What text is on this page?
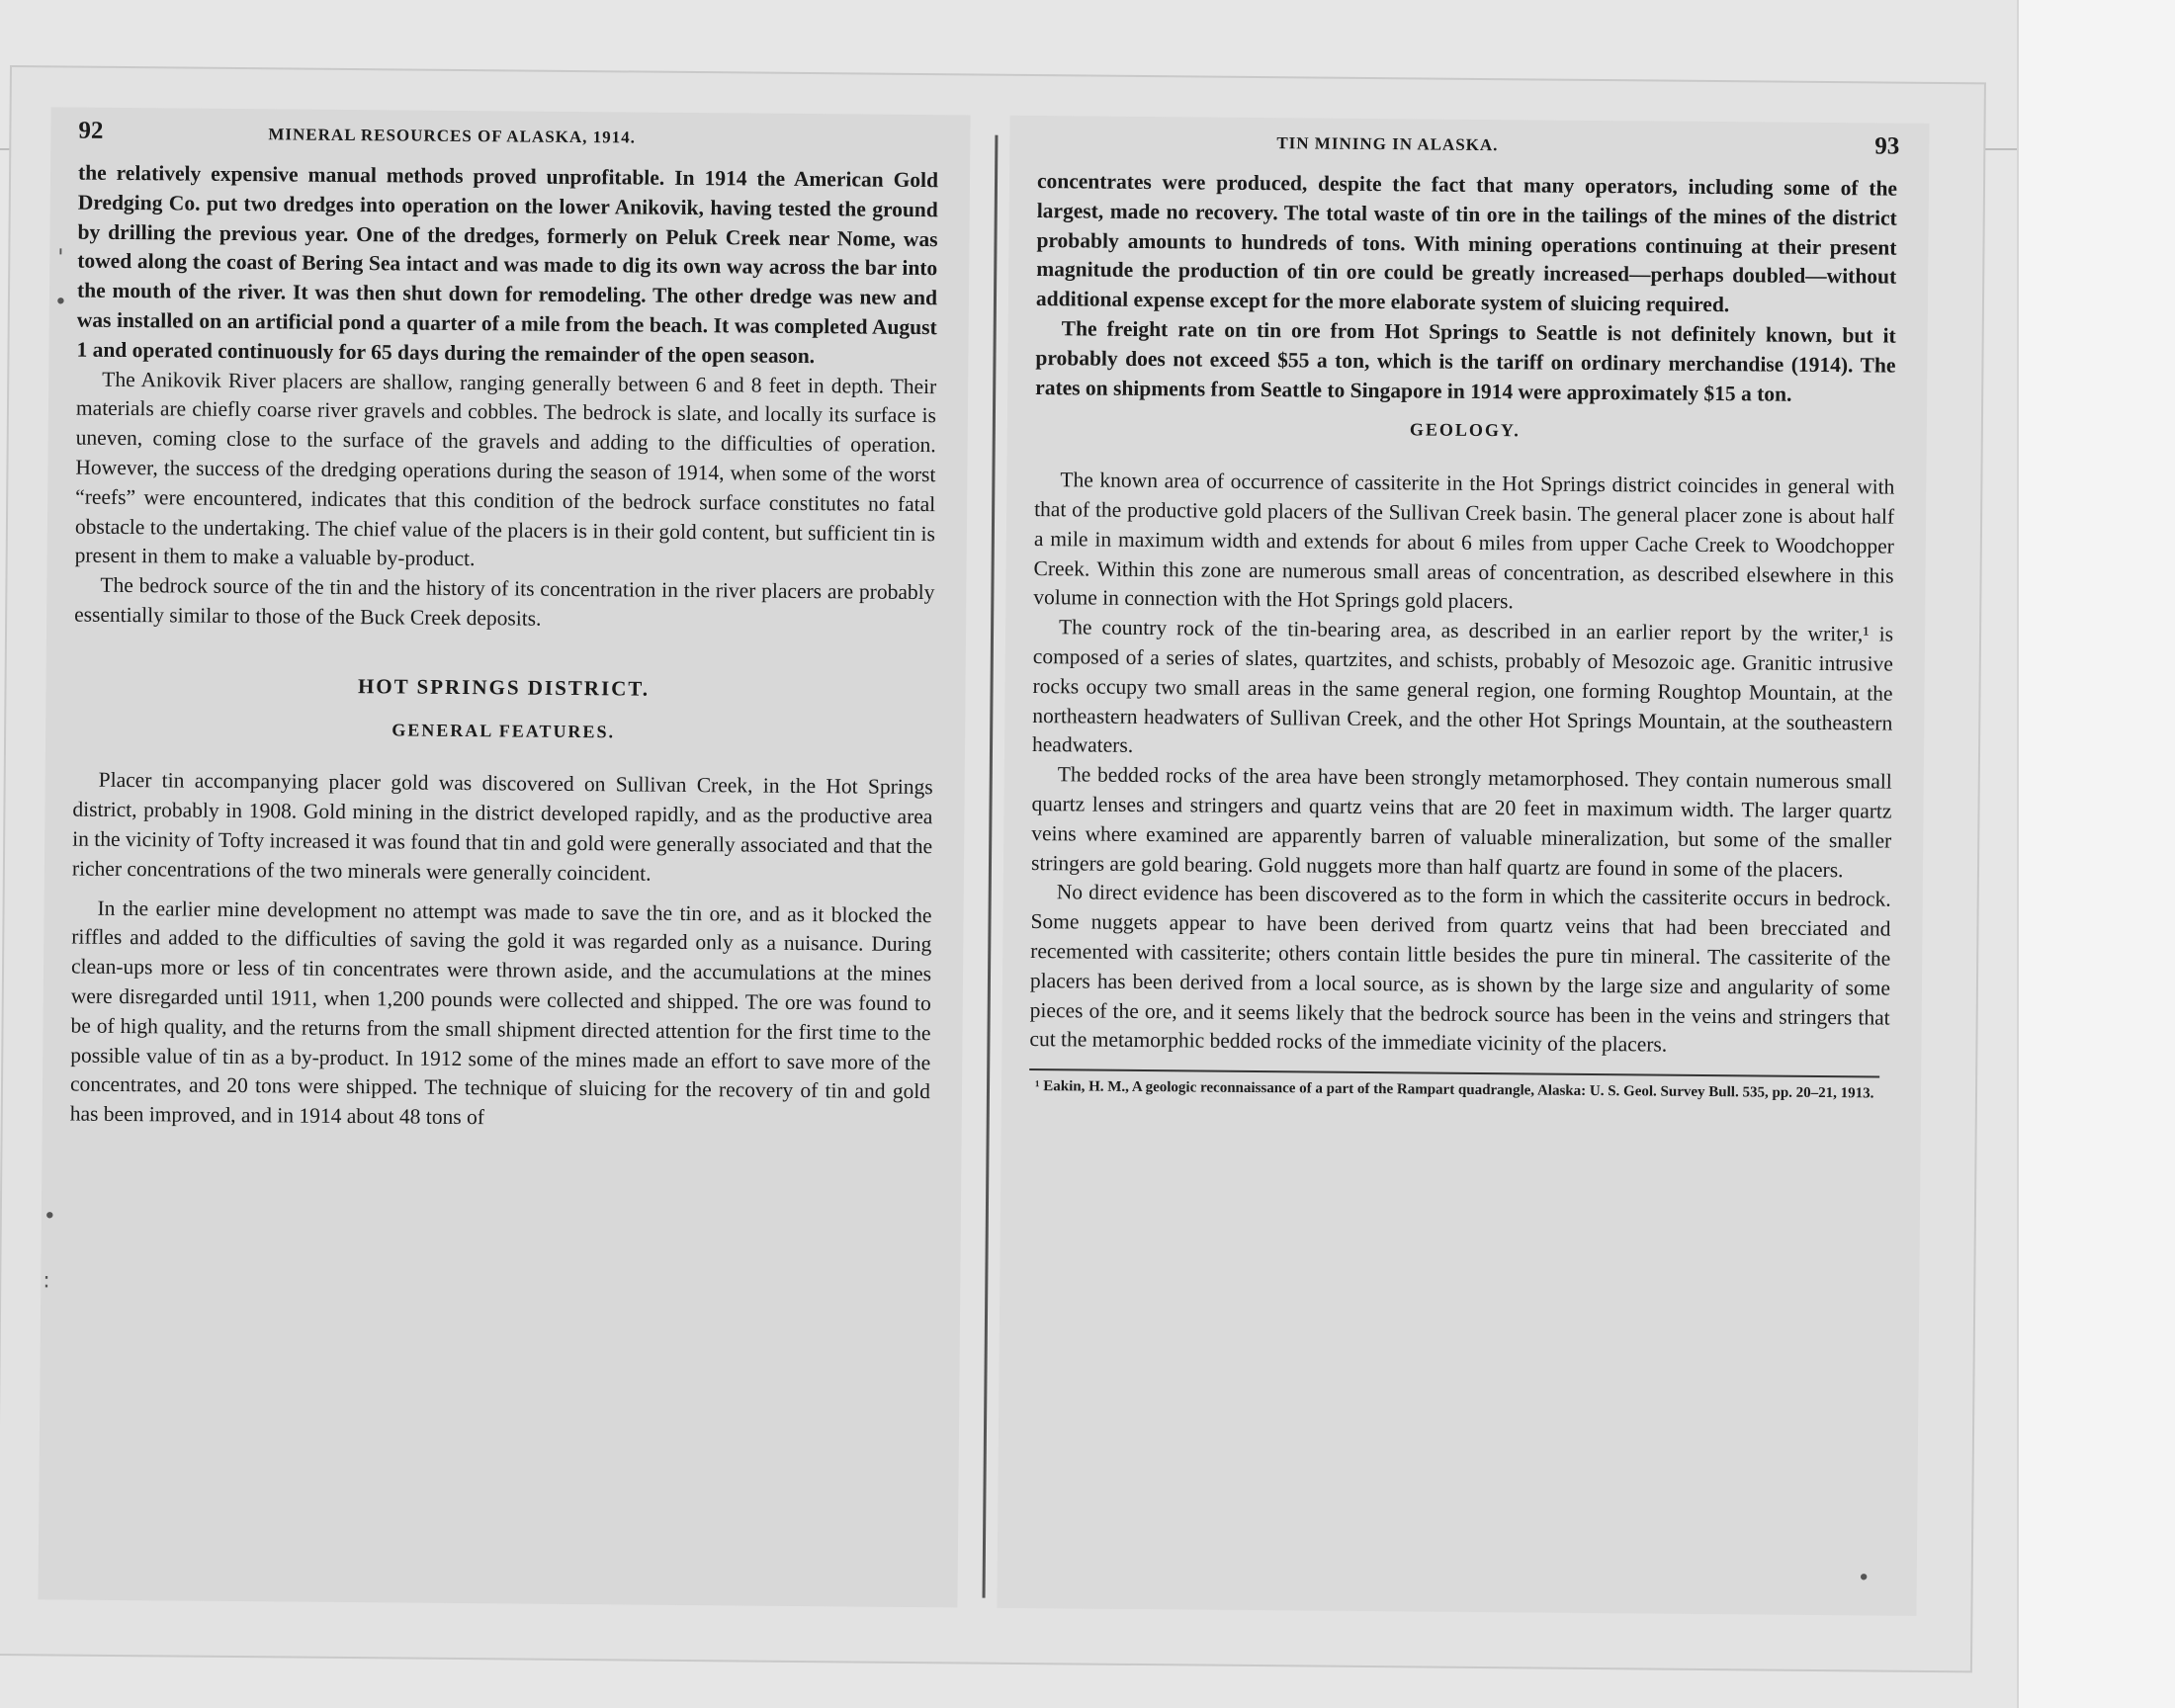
92	MINERAL RESOURCES OF ALASKA, 1914.

the relatively expensive manual methods proved unprofitable. In 1914 the American Gold Dredging Co. put two dredges into operation on the lower Anikovik, having tested the ground by drilling the previous year. One of the dredges, formerly on Peluk Creek near Nome, was towed along the coast of Bering Sea intact and was made to dig its own way across the bar into the mouth of the river. It was then shut down for remodeling. The other dredge was new and was installed on an artificial pond a quarter of a mile from the beach. It was completed August 1 and operated continuously for 65 days during the remainder of the open season.

The Anikovik River placers are shallow, ranging generally between 6 and 8 feet in depth. Their materials are chiefly coarse river gravels and cobbles. The bedrock is slate, and locally its surface is uneven, coming close to the surface of the gravels and adding to the difficulties of operation. However, the success of the dredging operations during the season of 1914, when some of the worst “reefs” were encountered, indicates that this condition of the bedrock surface constitutes no fatal obstacle to the undertaking. The chief value of the placers is in their gold content, but sufficient tin is present in them to make a valuable by-product.

The bedrock source of the tin and the history of its concentration in the river placers are probably essentially similar to those of the Buck Creek deposits.

HOT SPRINGS DISTRICT.
GENERAL FEATURES.

Placer tin accompanying placer gold was discovered on Sullivan Creek, in the Hot Springs district, probably in 1908. Gold mining in the district developed rapidly, and as the productive area in the vicinity of Tofty increased it was found that tin and gold were generally associated and that the richer concentrations of the two minerals were generally coincident.

In the earlier mine development no attempt was made to save the tin ore, and as it blocked the riffles and added to the difficulties of saving the gold it was regarded only as a nuisance. During clean-ups more or less of tin concentrates were thrown aside, and the accumulations at the mines were disregarded until 1911, when 1,200 pounds were collected and shipped. The ore was found to be of high quality, and the returns from the small shipment directed attention for the first time to the possible value of tin as a by-product. In 1912 some of the mines made an effort to save more of the concentrates, and 20 tons were shipped. The technique of sluicing for the recovery of tin and gold has been improved, and in 1914 about 48 tons of

TIN MINING IN ALASKA.	93

concentrates were produced, despite the fact that many operators, including some of the largest, made no recovery. The total waste of tin ore in the tailings of the mines of the district probably amounts to hundreds of tons. With mining operations continuing at their present magnitude the production of tin ore could be greatly increased—perhaps doubled—without additional expense except for the more elaborate system of sluicing required.

The freight rate on tin ore from Hot Springs to Seattle is not definitely known, but it probably does not exceed $55 a ton, which is the tariff on ordinary merchandise (1914). The rates on shipments from Seattle to Singapore in 1914 were approximately $15 a ton.

GEOLOGY.

The known area of occurrence of cassiterite in the Hot Springs district coincides in general with that of the productive gold placers of the Sullivan Creek basin. The general placer zone is about half a mile in maximum width and extends for about 6 miles from upper Cache Creek to Woodchopper Creek. Within this zone are numerous small areas of concentration, as described elsewhere in this volume in connection with the Hot Springs gold placers.

The country rock of the tin-bearing area, as described in an earlier report by the writer,¹ is composed of a series of slates, quartzites, and schists, probably of Mesozoic age. Granitic intrusive rocks occupy two small areas in the same general region, one forming Roughtop Mountain, at the northeastern headwaters of Sullivan Creek, and the other Hot Springs Mountain, at the southeastern headwaters.

The bedded rocks of the area have been strongly metamorphosed. They contain numerous small quartz lenses and stringers and quartz veins that are 20 feet in maximum width. The larger quartz veins where examined are apparently barren of valuable mineralization, but some of the smaller stringers are gold bearing. Gold nuggets more than half quartz are found in some of the placers.

No direct evidence has been discovered as to the form in which the cassiterite occurs in bedrock. Some nuggets appear to have been derived from quartz veins that had been brecciated and recemented with cassiterite; others contain little besides the pure tin mineral. The cassiterite of the placers has been derived from a local source, as is shown by the large size and angularity of some pieces of the ore, and it seems likely that the bedrock source has been in the veins and stringers that cut the metamorphic bedded rocks of the immediate vicinity of the placers.

¹ Eakin, H. M., A geologic reconnaissance of a part of the Rampart quadrangle, Alaska: U. S. Geol. Survey Bull. 535, pp. 20–21, 1913.
'
•
•
:
•
